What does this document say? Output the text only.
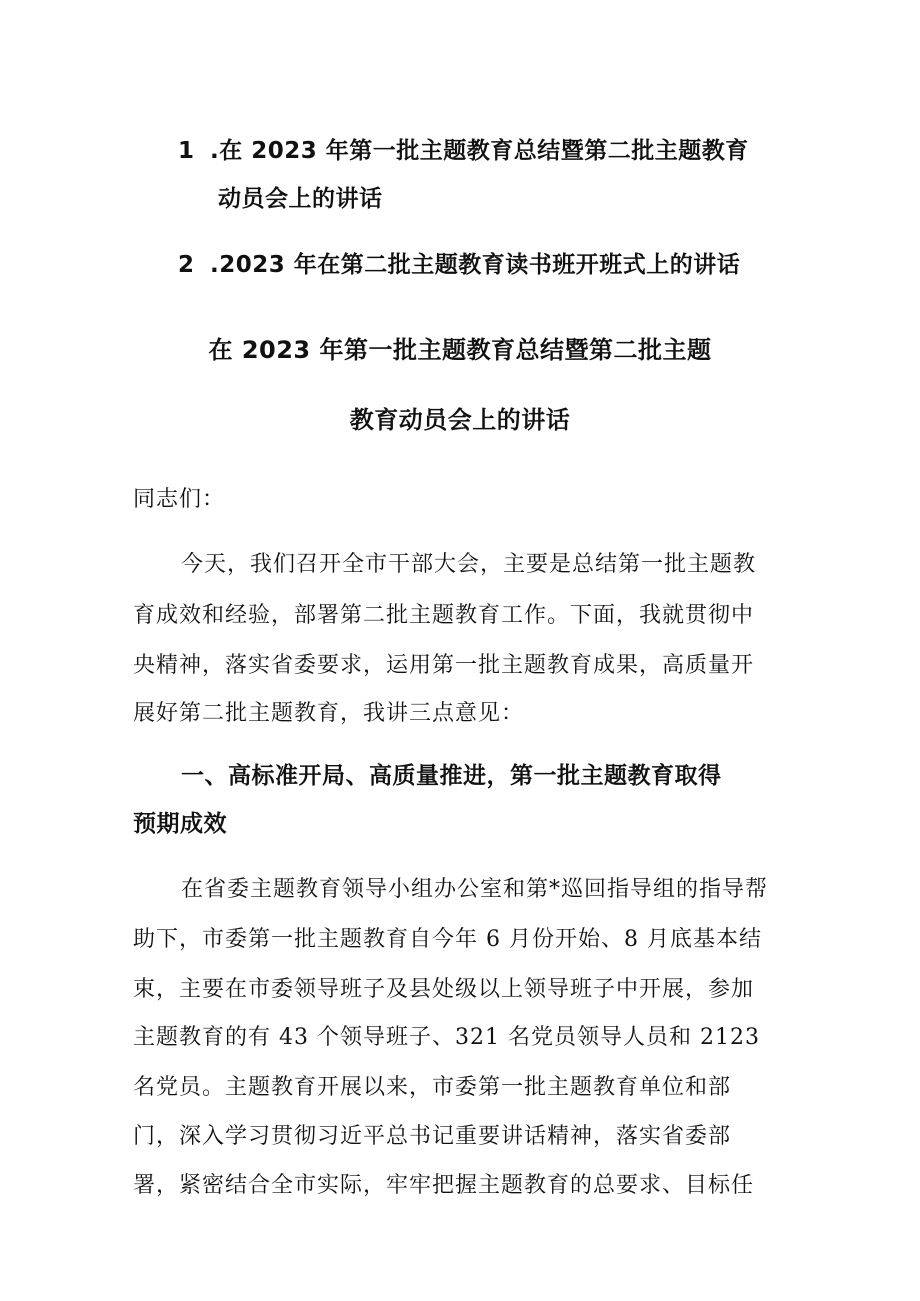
1 .在 2023 年第一批主题教育总结暨第二批主题教育
动员会上的讲话
2 .2023 年在第二批主题教育读书班开班式上的讲话
在 2023 年第一批主题教育总结暨第二批主题
教育动员会上的讲话
同志们：
今天，我们召开全市干部大会，主要是总结第一批主题教
育成效和经验，部署第二批主题教育工作。下面，我就贯彻中
央精神，落实省委要求，运用第一批主题教育成果，高质量开
展好第二批主题教育，我讲三点意见：
一、高标准开局、高质量推进，第一批主题教育取得
预期成效
在省委主题教育领导小组办公室和第*巡回指导组的指导帮
助下，市委第一批主题教育自今年 6 月份开始、8 月底基本结
束，主要在市委领导班子及县处级以上领导班子中开展，参加
主题教育的有 43 个领导班子、321 名党员领导人员和 2123
名党员。主题教育开展以来，市委第一批主题教育单位和部
门，深入学习贯彻习近平总书记重要讲话精神，落实省委部
署，紧密结合全市实际，牢牢把握主题教育的总要求、目标任
